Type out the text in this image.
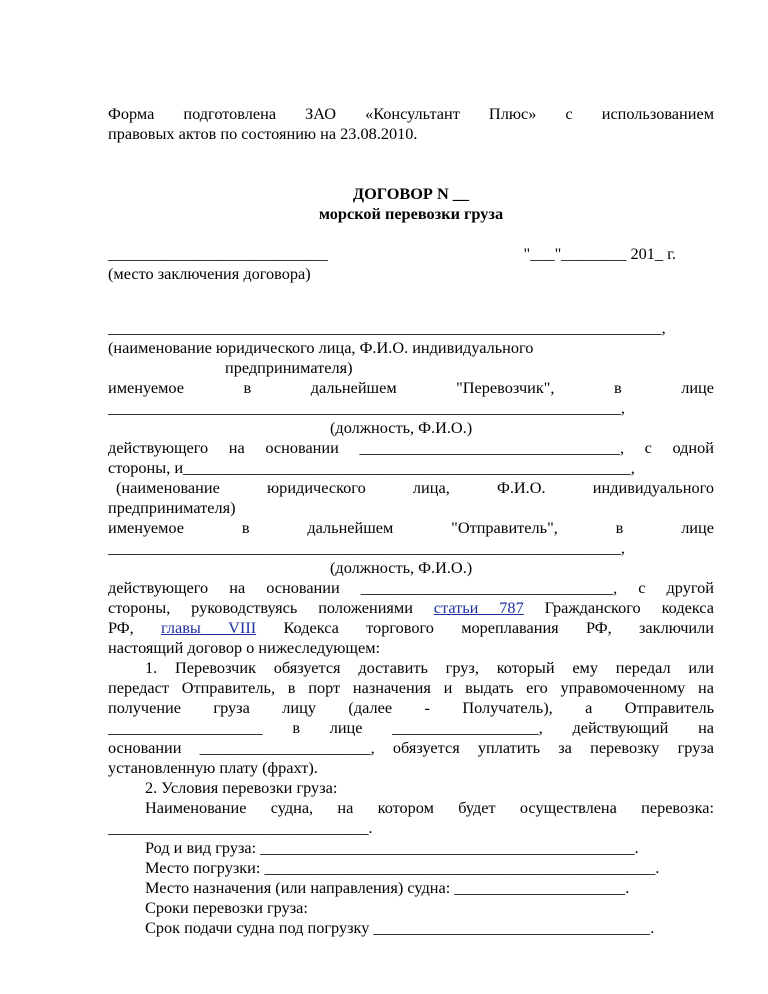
Форма подготовлена ЗАО «Консультант Плюс» с использованием
правовых актов по состоянию на 23.08.2010.
ДОГОВОР N __
морской перевозки груза
___________________________	"___"________ 201_ г.
(место заключения договора)
____________________________________________________________________,
(наименование юридического лица, Ф.И.О. индивидуального
предпринимателя)
именуемое	в	дальнейшем	"Перевозчик",	в	лице
_______________________________________________________________,
(должность, Ф.И.О.)
действующего на основании ________________________________, с одной
стороны, и_______________________________________________________,
(наименование	юридического	лица,	Ф.И.О.	индивидуального
предпринимателя)
именуемое	в	дальнейшем	"Отправитель",	в	лице
_______________________________________________________________,
(должность, Ф.И.О.)
действующего на основании _______________________________, с другой
стороны, руководствуясь положениями статьи 787 Гражданского кодекса
РФ, главы VIII Кодекса торгового мореплавания РФ, заключили
настоящий договор о нижеследующем:
1. Перевозчик обязуется доставить груз, который ему передал или
передаст Отправитель, в порт назначения и выдать его управомоченному на
получение груза лицу (далее - Получатель), а Отправитель
___________________ в лице __________________, действующий на
основании _____________________, обязуется уплатить за перевозку груза
установленную плату (фрахт).
2. Условия перевозки груза:
Наименование судна, на котором будет осуществлена перевозка:
________________________________.
Род и вид груза: ______________________________________________.
Место погрузки: ________________________________________________.
Место назначения (или направления) судна: _____________________.
Сроки перевозки груза:
Срок подачи судна под погрузку __________________________________.
